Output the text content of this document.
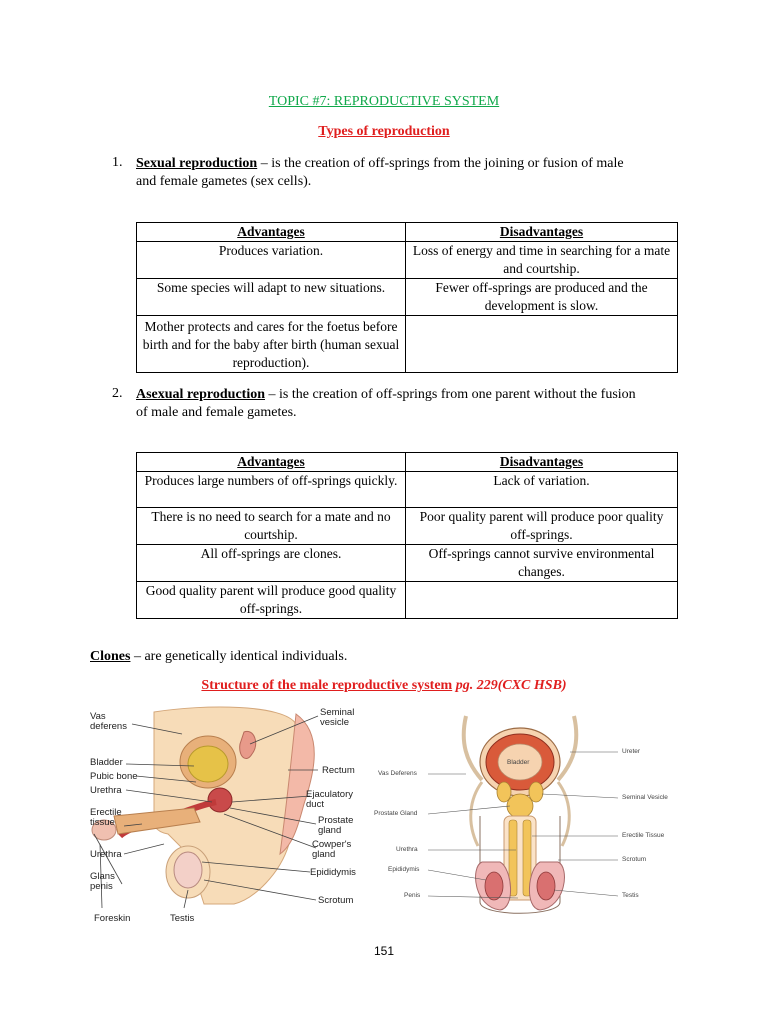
TOPIC #7: REPRODUCTIVE SYSTEM
Types of reproduction
1. Sexual reproduction – is the creation of off-springs from the joining or fusion of male
and female gametes (sex cells).
Advantages	Disadvantages
Produces variation.	Loss of energy and time in searching for a mate and courtship.
Some species will adapt to new situations.	Fewer off-springs are produced and the development is slow.
Mother protects and cares for the foetus before birth and for the baby after birth (human sexual reproduction).	
2. Asexual reproduction – is the creation of off-springs from one parent without the fusion
of male and female gametes.
Advantages	Disadvantages
Produces large numbers of off-springs quickly.	Lack of variation.
There is no need to search for a mate and no courtship.	Poor quality parent will produce poor quality off-springs.
All off-springs are clones.	Off-springs cannot survive environmental changes.
Good quality parent will produce good quality off-springs.	
Clones – are genetically identical individuals.
Structure of the male reproductive system pg. 229(CXC HSB)
Vas
deferens
Bladder
Pubic bone
Urethra
Erectile
tissue
Urethra
Glans
penis
Foreskin	Testis
Seminal
vesicle
Rectum
Ejaculatory
duct
Prostate
gland
Cowper's
gland
Epididymis
Scrotum
Bladder
Ureter
Vas Deferens
Prostate Gland
Seminal Vesicle
Erectile Tissue
Urethra
Scrotum
Epididymis
Penis	Testis
151
